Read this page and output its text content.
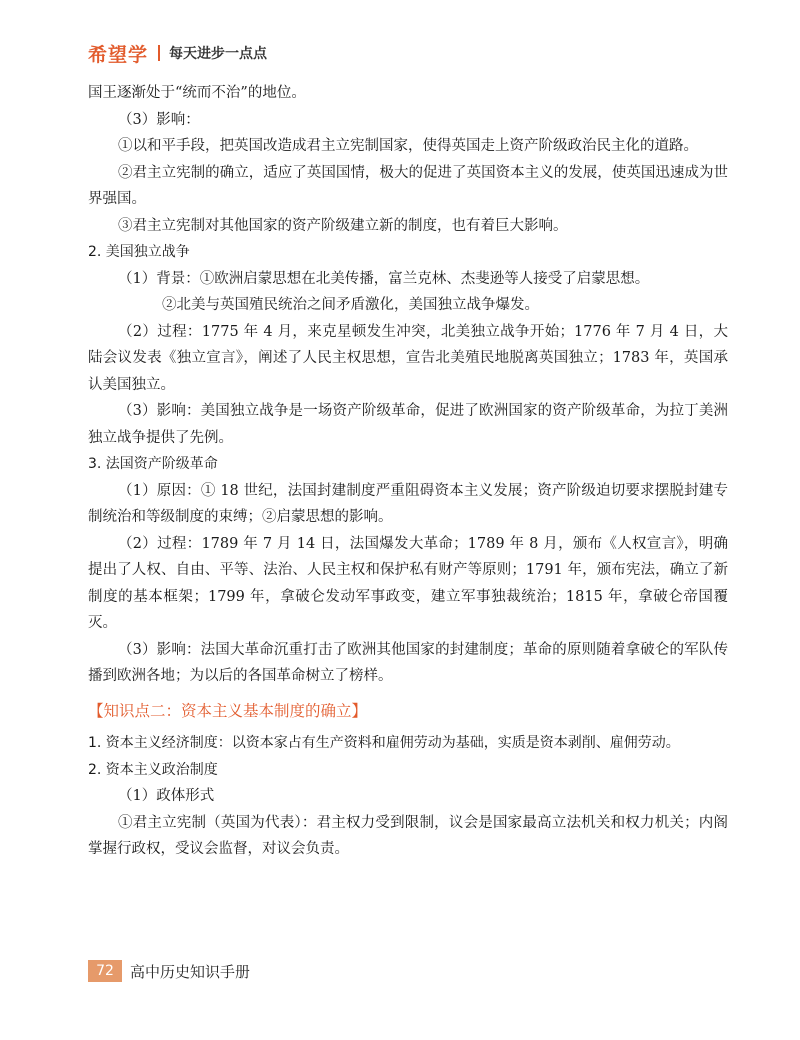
希望学 每天进步一点点

国王逐渐处于“统而不治”的地位。

（3）影响：

①以和平手段，把英国改造成君主立宪制国家，使得英国走上资产阶级政治民主化的道路。

②君主立宪制的确立，适应了英国国情，极大的促进了英国资本主义的发展，使英国迅速成为世界强国。

③君主立宪制对其他国家的资产阶级建立新的制度，也有着巨大影响。

2. 美国独立战争

（1）背景：①欧洲启蒙思想在北美传播，富兰克林、杰斐逊等人接受了启蒙思想。

②北美与英国殖民统治之间矛盾激化，美国独立战争爆发。

（2）过程：1775 年 4 月，来克星顿发生冲突，北美独立战争开始；1776 年 7 月 4 日，大陆会议发表《独立宣言》，阐述了人民主权思想，宣告北美殖民地脱离英国独立；1783 年，英国承认美国独立。

（3）影响：美国独立战争是一场资产阶级革命，促进了欧洲国家的资产阶级革命，为拉丁美洲独立战争提供了先例。

3. 法国资产阶级革命

（1）原因：① 18 世纪，法国封建制度严重阻碍资本主义发展；资产阶级迫切要求摆脱封建专制统治和等级制度的束缚；②启蒙思想的影响。

（2）过程：1789 年 7 月 14 日，法国爆发大革命；1789 年 8 月，颁布《人权宣言》，明确提出了人权、自由、平等、法治、人民主权和保护私有财产等原则；1791 年，颁布宪法，确立了新制度的基本框架；1799 年，拿破仑发动军事政变，建立军事独裁统治；1815 年，拿破仑帝国覆灭。

（3）影响：法国大革命沉重打击了欧洲其他国家的封建制度；革命的原则随着拿破仑的军队传播到欧洲各地；为以后的各国革命树立了榜样。

【知识点二：资本主义基本制度的确立】

1. 资本主义经济制度：以资本家占有生产资料和雇佣劳动为基础，实质是资本剥削、雇佣劳动。

2. 资本主义政治制度

（1）政体形式

①君主立宪制（英国为代表）：君主权力受到限制，议会是国家最高立法机关和权力机关；内阁掌握行政权，受议会监督，对议会负责。

72	高中历史知识手册
